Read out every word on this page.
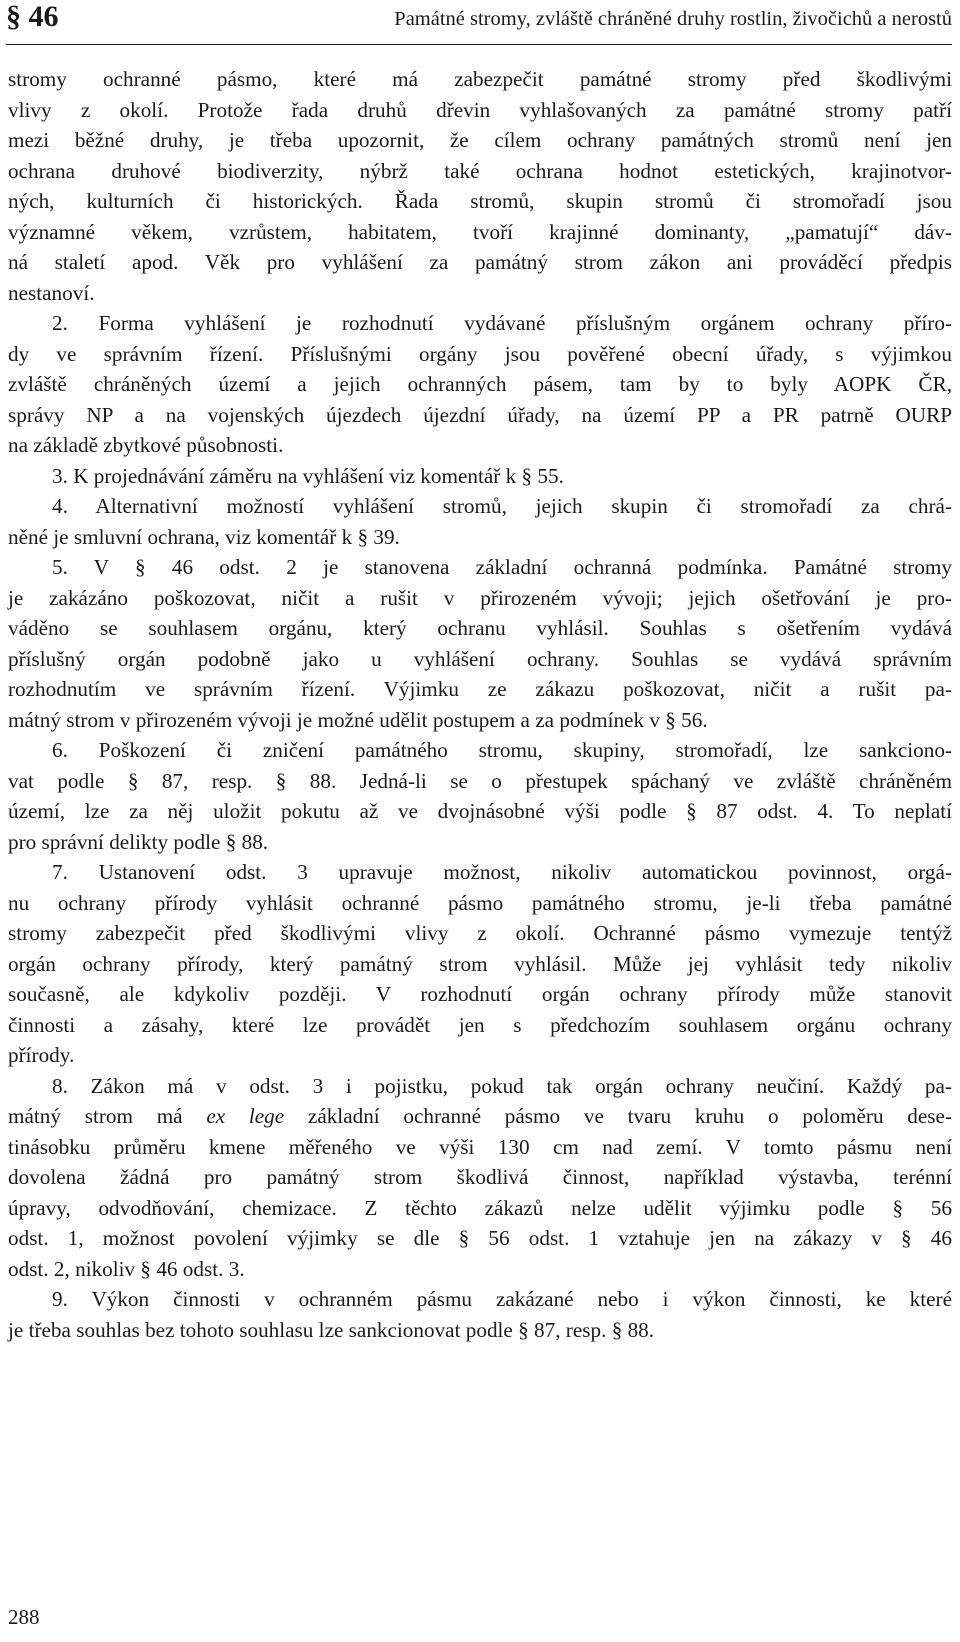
§ 46	Památné stromy, zvláště chráněné druhy rostlin, živočichů a nerostů
stromy ochranné pásmo, které má zabezpečit památné stromy před škodlivými
vlivy z okolí. Protože řada druhů dřevin vyhlašovaných za památné stromy patří
mezi běžné druhy, je třeba upozornit, že cílem ochrany památných stromů není jen
ochrana druhové biodiverzity, nýbrž také ochrana hodnot estetických, krajinotvor-
ných, kulturních či historických. Řada stromů, skupin stromů či stromořadí jsou
významné věkem, vzrůstem, habitatem, tvoří krajinné dominanty, „pamatují“ dáv-
ná staletí apod. Věk pro vyhlášení za památný strom zákon ani prováděcí předpis
nestanoví.
2. Forma vyhlášení je rozhodnutí vydávané příslušným orgánem ochrany příro-
dy ve správním řízení. Příslušnými orgány jsou pověřené obecní úřady, s výjimkou
zvláště chráněných území a jejich ochranných pásem, tam by to byly AOPK ČR,
správy NP a na vojenských újezdech újezdní úřady, na území PP a PR patrně OURP
na základě zbytkové působnosti.
3. K projednávání záměru na vyhlášení viz komentář k § 55.
4. Alternativní možností vyhlášení stromů, jejich skupin či stromořadí za chrá-
něné je smluvní ochrana, viz komentář k § 39.
5. V § 46 odst. 2 je stanovena základní ochranná podmínka. Památné stromy
je zakázáno poškozovat, ničit a rušit v přirozeném vývoji; jejich ošetřování je pro-
váděno se souhlasem orgánu, který ochranu vyhlásil. Souhlas s ošetřením vydává
příslušný orgán podobně jako u vyhlášení ochrany. Souhlas se vydává správním
rozhodnutím ve správním řízení. Výjimku ze zákazu poškozovat, ničit a rušit pa-
mátný strom v přirozeném vývoji je možné udělit postupem a za podmínek v § 56.
6. Poškození či zničení památného stromu, skupiny, stromořadí, lze sankciono-
vat podle § 87, resp. § 88. Jedná-li se o přestupek spáchaný ve zvláště chráněném
území, lze za něj uložit pokutu až ve dvojnásobné výši podle § 87 odst. 4. To neplatí
pro správní delikty podle § 88.
7. Ustanovení odst. 3 upravuje možnost, nikoliv automatickou povinnost, orgá-
nu ochrany přírody vyhlásit ochranné pásmo památného stromu, je-li třeba památné
stromy zabezpečit před škodlivými vlivy z okolí. Ochranné pásmo vymezuje tentýž
orgán ochrany přírody, který památný strom vyhlásil. Může jej vyhlásit tedy nikoliv
současně, ale kdykoliv později. V rozhodnutí orgán ochrany přírody může stanovit
činnosti a zásahy, které lze provádět jen s předchozím souhlasem orgánu ochrany
přírody.
8. Zákon má v odst. 3 i pojistku, pokud tak orgán ochrany neučiní. Každý pa-
mátný strom má ex lege základní ochranné pásmo ve tvaru kruhu o poloměru dese-
tinásobku průměru kmene měřeného ve výši 130 cm nad zemí. V tomto pásmu není
dovolena žádná pro památný strom škodlivá činnost, například výstavba, terénní
úpravy, odvodňování, chemizace. Z těchto zákazů nelze udělit výjimku podle § 56
odst. 1, možnost povolení výjimky se dle § 56 odst. 1 vztahuje jen na zákazy v § 46
odst. 2, nikoliv § 46 odst. 3.
9. Výkon činnosti v ochranném pásmu zakázané nebo i výkon činnosti, ke které
je třeba souhlas bez tohoto souhlasu lze sankcionovat podle § 87, resp. § 88.
288
